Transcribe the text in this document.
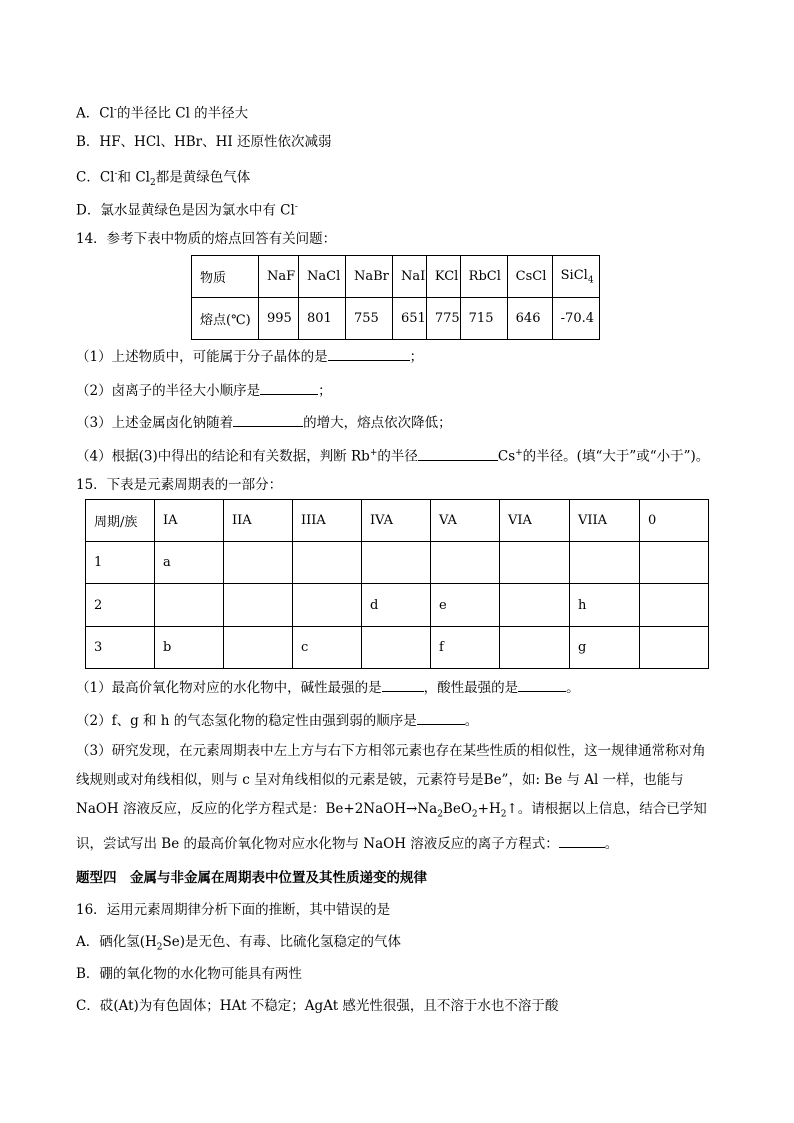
A．Cl-的半径比 Cl 的半径大
B．HF、HCl、HBr、HI 还原性依次减弱
C．Cl-和 $Cl_2$都是黄绿色气体
D．氯水显黄绿色是因为氯水中有 Cl-
14．参考下表中物质的熔点回答有关问题：
物质	NaF	NaCl	NaBr	NaI	KCl	RbCl	CsCl	SiCl$_4$
熔点(℃)	995	801	755	651	775	715	646	-70.4
（1）上述物质中，可能属于分子晶体的是	；
（2）卤离子的半径大小顺序是	；
（3）上述金属卤化钠随着	的增大，熔点依次降低；
（4）根据(3)中得出的结论和有关数据，判断 Rb+的半径	Cs+的半径。(填“大于”或“小于”)。
15．下表是元素周期表的一部分：
周期/族	IA	IIA	IIIA	IVA	VA	VIA	VIIA	0
1	a							
2				d	e		h	
3	b		c		f		g	
（1）最高价氧化物对应的水化物中，碱性最强的是	，酸性最强的是	。
（2）f、g 和 h 的气态氢化物的稳定性由强到弱的顺序是	。
（3）研究发现，在元素周期表中左上方与右下方相邻元素也存在某些性质的相似性，这一规律通常称对角线规则或对角线相似，则与 c 呈对角线相似的元素是铍，元素符号是Be”，如: Be 与 Al 一样，也能与 NaOH 溶液反应，反应的化学方程式是：$Be+2NaOH\to Na_2BeO_2+H_2↑$。请根据以上信息，结合已学知识，尝试写出 Be 的最高价氧化物对应水化物与 NaOH 溶液反应的离子方程式：	。
题型四　金属与非金属在周期表中位置及其性质递变的规律
16．运用元素周期律分析下面的推断，其中错误的是
A．硒化氢$(H_2Se)$是无色、有毒、比硫化氢稳定的气体
B．硼的氧化物的水化物可能具有两性
C．砹(At)为有色固体；HAt 不稳定；AgAt 感光性很强，且不溶于水也不溶于酸
